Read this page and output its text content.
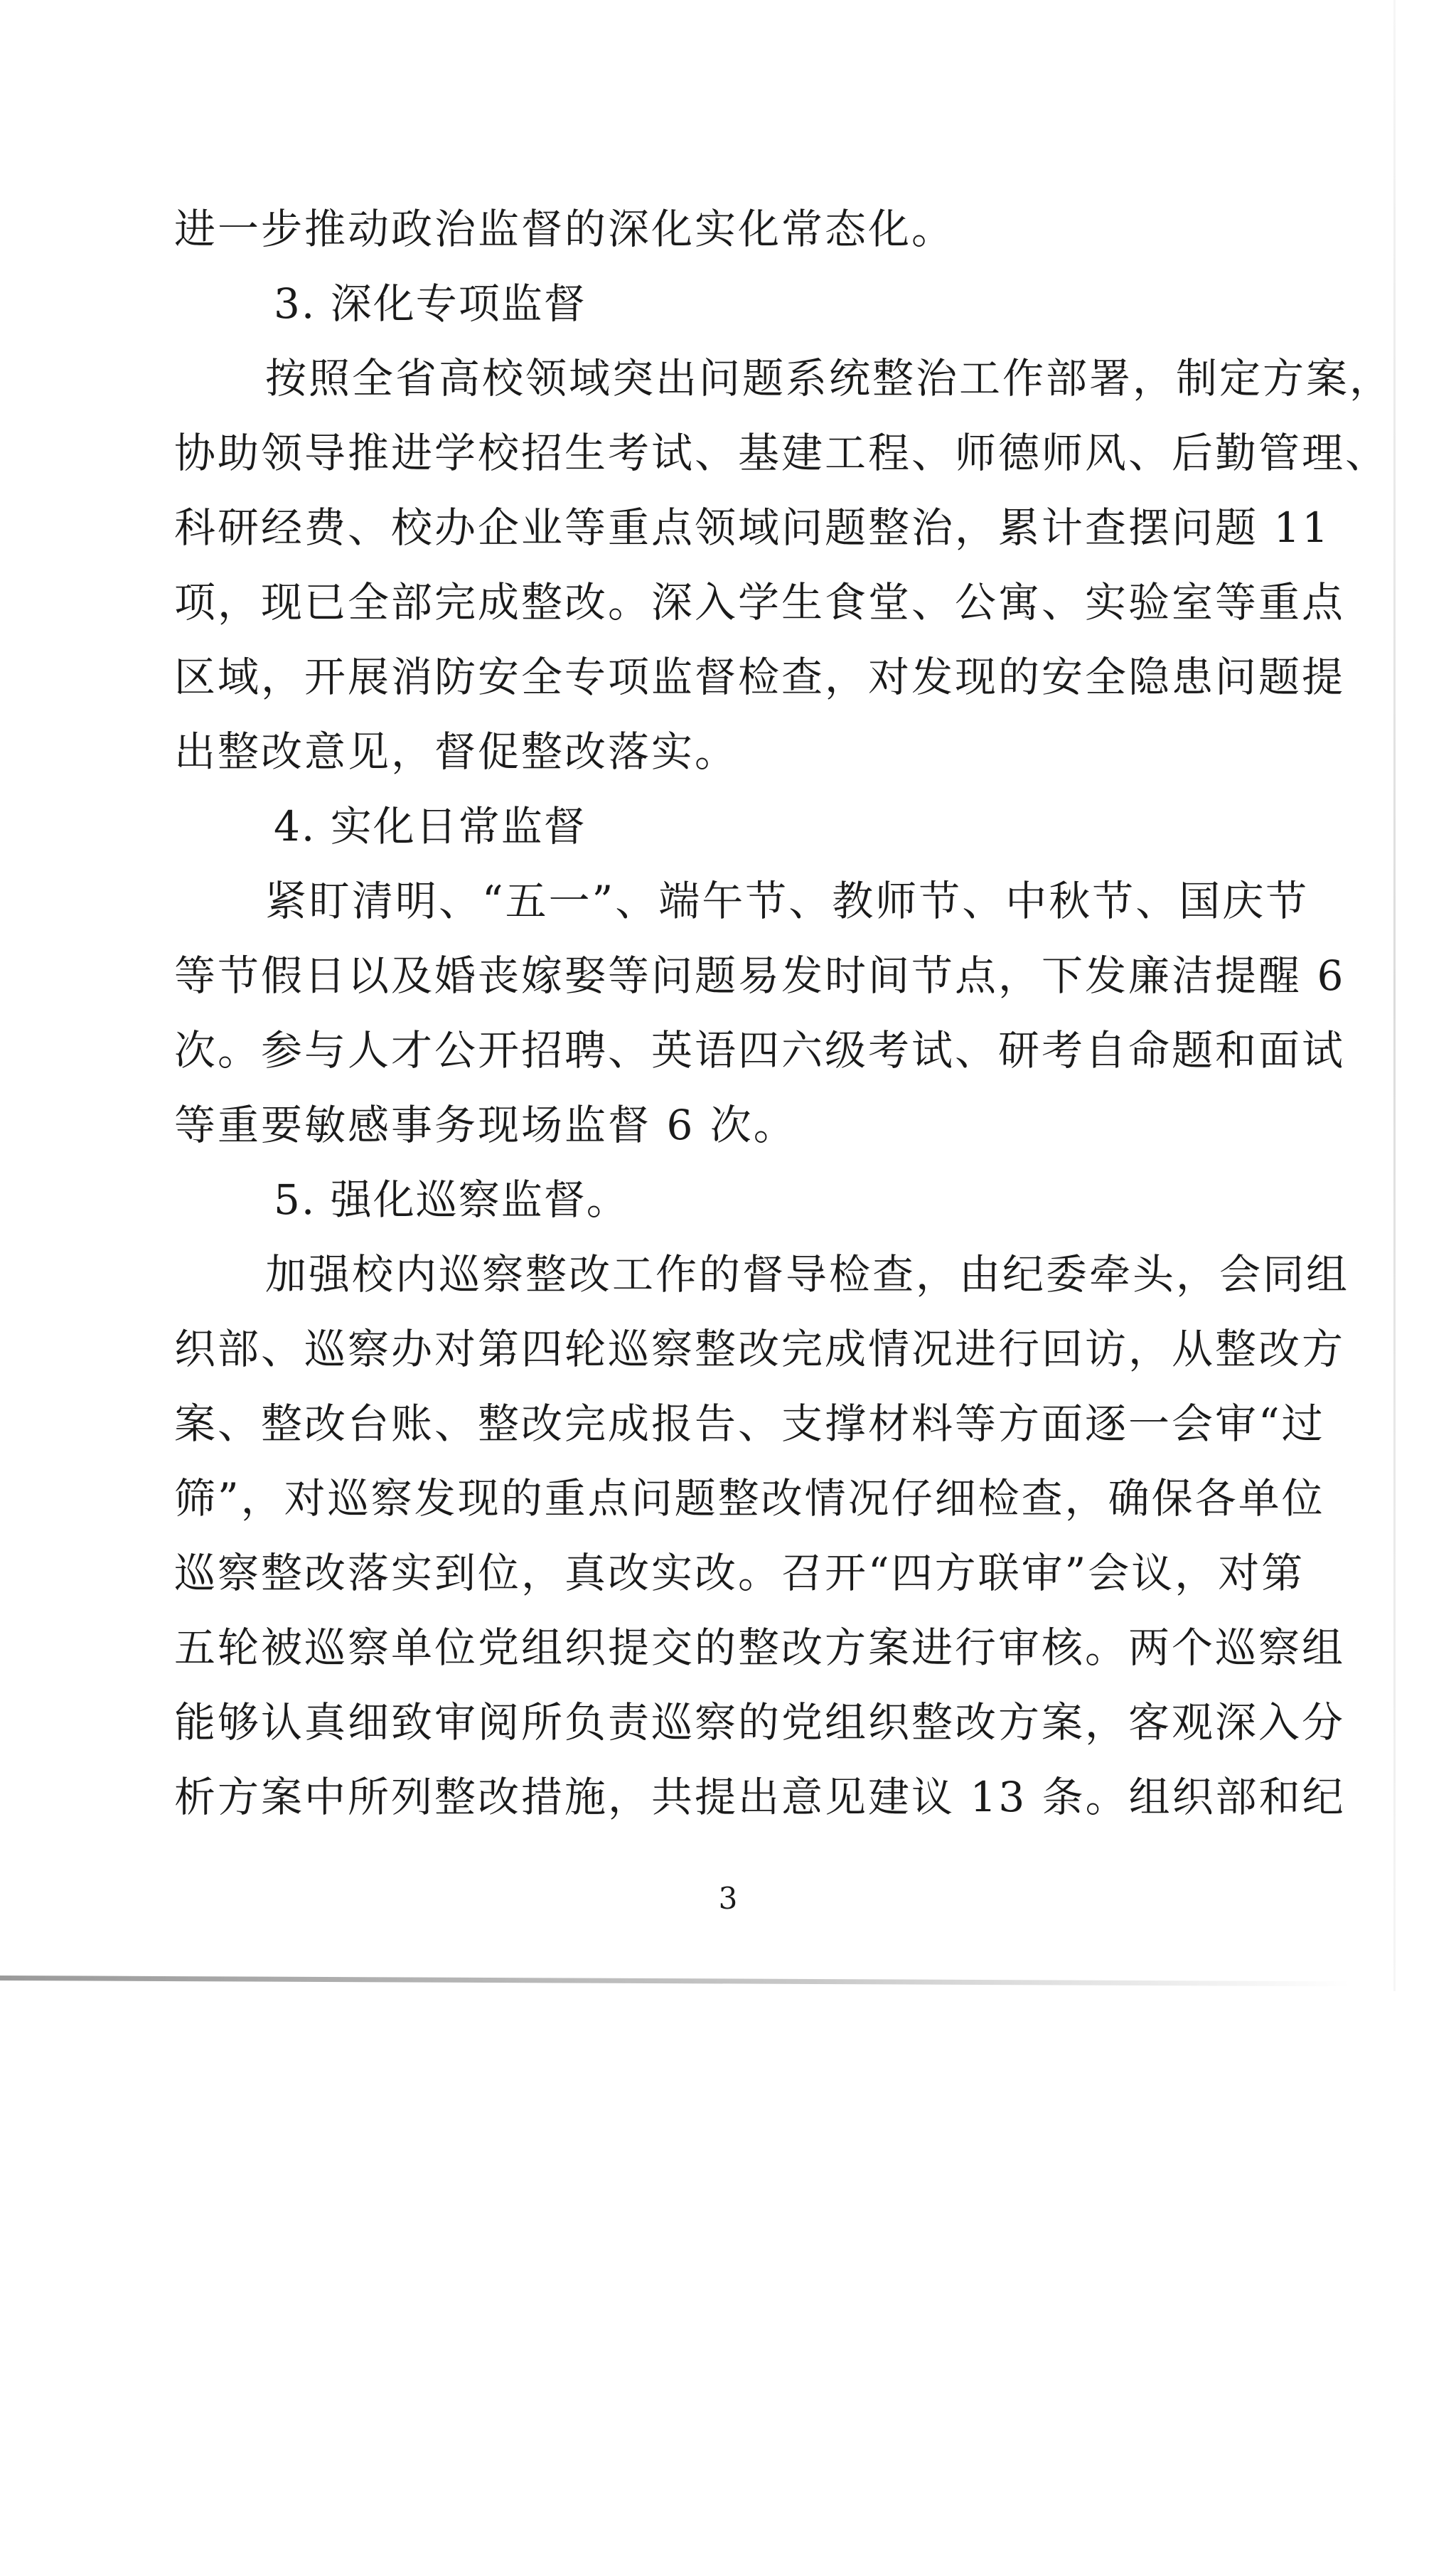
进一步推动政治监督的深化实化常态化。
3. 深化专项监督
按照全省高校领域突出问题系统整治工作部署，制定方案，
协助领导推进学校招生考试、基建工程、师德师风、后勤管理、
科研经费、校办企业等重点领域问题整治，累计查摆问题 11
项，现已全部完成整改。深入学生食堂、公寓、实验室等重点
区域，开展消防安全专项监督检查，对发现的安全隐患问题提
出整改意见，督促整改落实。
4. 实化日常监督
紧盯清明、“五一”、端午节、教师节、中秋节、国庆节
等节假日以及婚丧嫁娶等问题易发时间节点，下发廉洁提醒 6
次。参与人才公开招聘、英语四六级考试、研考自命题和面试
等重要敏感事务现场监督 6 次。
5. 强化巡察监督。
加强校内巡察整改工作的督导检查，由纪委牵头，会同组
织部、巡察办对第四轮巡察整改完成情况进行回访，从整改方
案、整改台账、整改完成报告、支撑材料等方面逐一会审“过
筛”，对巡察发现的重点问题整改情况仔细检查，确保各单位
巡察整改落实到位，真改实改。召开“四方联审”会议，对第
五轮被巡察单位党组织提交的整改方案进行审核。两个巡察组
能够认真细致审阅所负责巡察的党组织整改方案，客观深入分
析方案中所列整改措施，共提出意见建议 13 条。组织部和纪
3
